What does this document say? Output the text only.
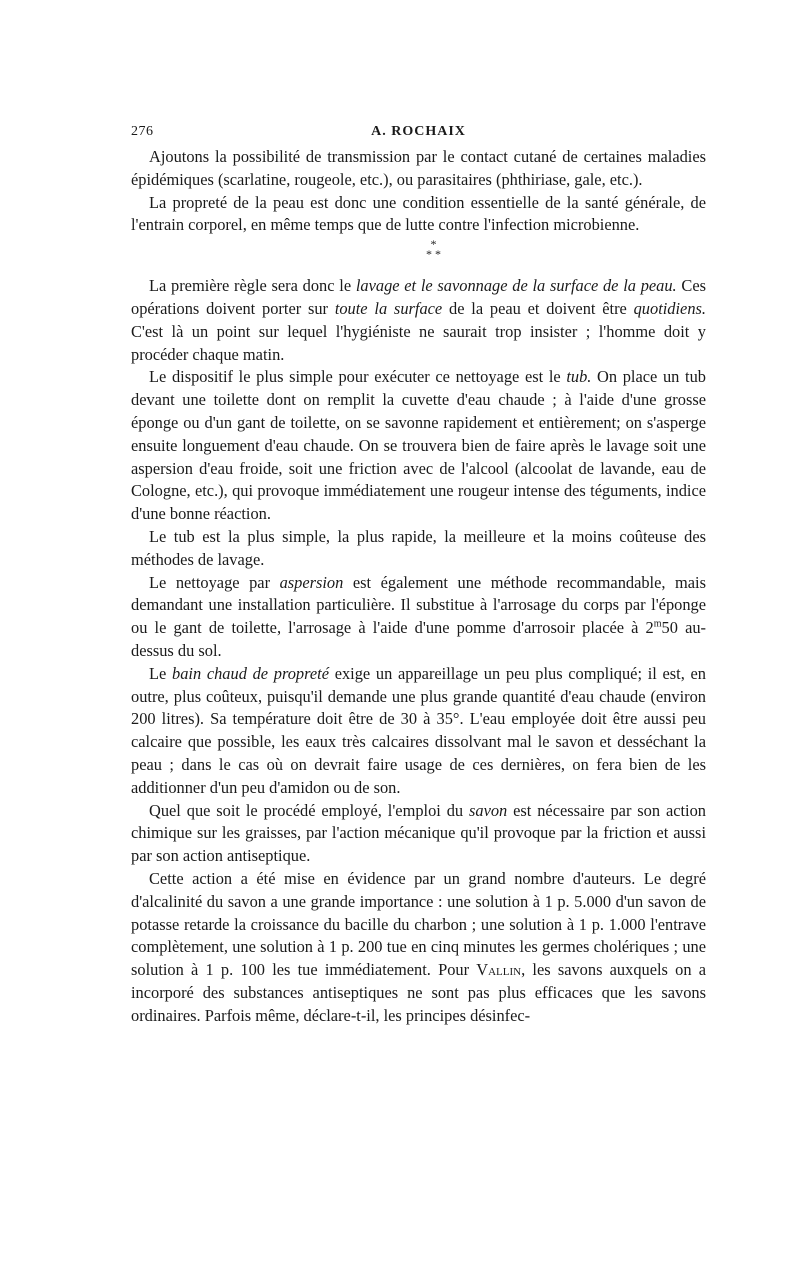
276	A. ROCHAIX

Ajoutons la possibilité de transmission par le contact cutané de certaines maladies épidémiques (scarlatine, rougeole, etc.), ou parasitaires (phthiriase, gale, etc.).

La propreté de la peau est donc une condition essentielle de la santé générale, de l'entrain corporel, en même temps que de lutte contre l'infection microbienne.

*
* *

La première règle sera donc le lavage et le savonnage de la surface de la peau. Ces opérations doivent porter sur toute la surface de la peau et doivent être quotidiens. C'est là un point sur lequel l'hygiéniste ne saurait trop insister ; l'homme doit y procéder chaque matin.

Le dispositif le plus simple pour exécuter ce nettoyage est le tub. On place un tub devant une toilette dont on remplit la cuvette d'eau chaude ; à l'aide d'une grosse éponge ou d'un gant de toilette, on se savonne rapidement et entièrement; on s'asperge ensuite longuement d'eau chaude. On se trouvera bien de faire après le lavage soit une aspersion d'eau froide, soit une friction avec de l'alcool (alcoolat de lavande, eau de Cologne, etc.), qui provoque immédiatement une rougeur intense des téguments, indice d'une bonne réaction.

Le tub est la plus simple, la plus rapide, la meilleure et la moins coûteuse des méthodes de lavage.

Le nettoyage par aspersion est également une méthode recommandable, mais demandant une installation particulière. Il substitue à l'arrosage du corps par l'éponge ou le gant de toilette, l'arrosage à l'aide d'une pomme d'arrosoir placée à 2$^m$50 au-dessus du sol.

Le bain chaud de propreté exige un appareillage un peu plus compliqué; il est, en outre, plus coûteux, puisqu'il demande une plus grande quantité d'eau chaude (environ 200 litres). Sa température doit être de 30 à 35°. L'eau employée doit être aussi peu calcaire que possible, les eaux très calcaires dissolvant mal le savon et desséchant la peau ; dans le cas où on devrait faire usage de ces dernières, on fera bien de les additionner d'un peu d'amidon ou de son.

Quel que soit le procédé employé, l'emploi du savon est nécessaire par son action chimique sur les graisses, par l'action mécanique qu'il provoque par la friction et aussi par son action antiseptique.

Cette action a été mise en évidence par un grand nombre d'auteurs. Le degré d'alcalinité du savon a une grande importance : une solution à 1 p. 5.000 d'un savon de potasse retarde la croissance du bacille du charbon ; une solution à 1 p. 1.000 l'entrave complètement, une solution à 1 p. 200 tue en cinq minutes les germes cholériques ; une solution à 1 p. 100 les tue immédiatement. Pour Vallin, les savons auxquels on a incorporé des substances antiseptiques ne sont pas plus efficaces que les savons ordinaires. Parfois même, déclare-t-il, les principes désinfec-
